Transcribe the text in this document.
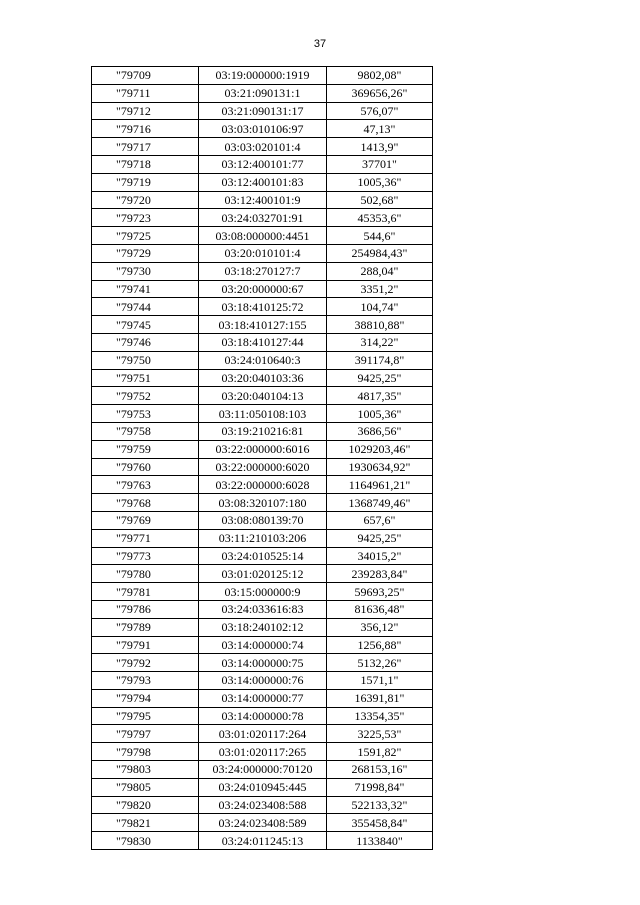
37
"79709	03:19:000000:1919	9802,08"
"79711	03:21:090131:1	369656,26"
"79712	03:21:090131:17	576,07"
"79716	03:03:010106:97	47,13"
"79717	03:03:020101:4	1413,9"
"79718	03:12:400101:77	37701"
"79719	03:12:400101:83	1005,36"
"79720	03:12:400101:9	502,68"
"79723	03:24:032701:91	45353,6"
"79725	03:08:000000:4451	544,6"
"79729	03:20:010101:4	254984,43"
"79730	03:18:270127:7	288,04"
"79741	03:20:000000:67	3351,2"
"79744	03:18:410125:72	104,74"
"79745	03:18:410127:155	38810,88"
"79746	03:18:410127:44	314,22"
"79750	03:24:010640:3	391174,8"
"79751	03:20:040103:36	9425,25"
"79752	03:20:040104:13	4817,35"
"79753	03:11:050108:103	1005,36"
"79758	03:19:210216:81	3686,56"
"79759	03:22:000000:6016	1029203,46"
"79760	03:22:000000:6020	1930634,92"
"79763	03:22:000000:6028	1164961,21"
"79768	03:08:320107:180	1368749,46"
"79769	03:08:080139:70	657,6"
"79771	03:11:210103:206	9425,25"
"79773	03:24:010525:14	34015,2"
"79780	03:01:020125:12	239283,84"
"79781	03:15:000000:9	59693,25"
"79786	03:24:033616:83	81636,48"
"79789	03:18:240102:12	356,12"
"79791	03:14:000000:74	1256,88"
"79792	03:14:000000:75	5132,26"
"79793	03:14:000000:76	1571,1"
"79794	03:14:000000:77	16391,81"
"79795	03:14:000000:78	13354,35"
"79797	03:01:020117:264	3225,53"
"79798	03:01:020117:265	1591,82"
"79803	03:24:000000:70120	268153,16"
"79805	03:24:010945:445	71998,84"
"79820	03:24:023408:588	522133,32"
"79821	03:24:023408:589	355458,84"
"79830	03:24:011245:13	1133840"
